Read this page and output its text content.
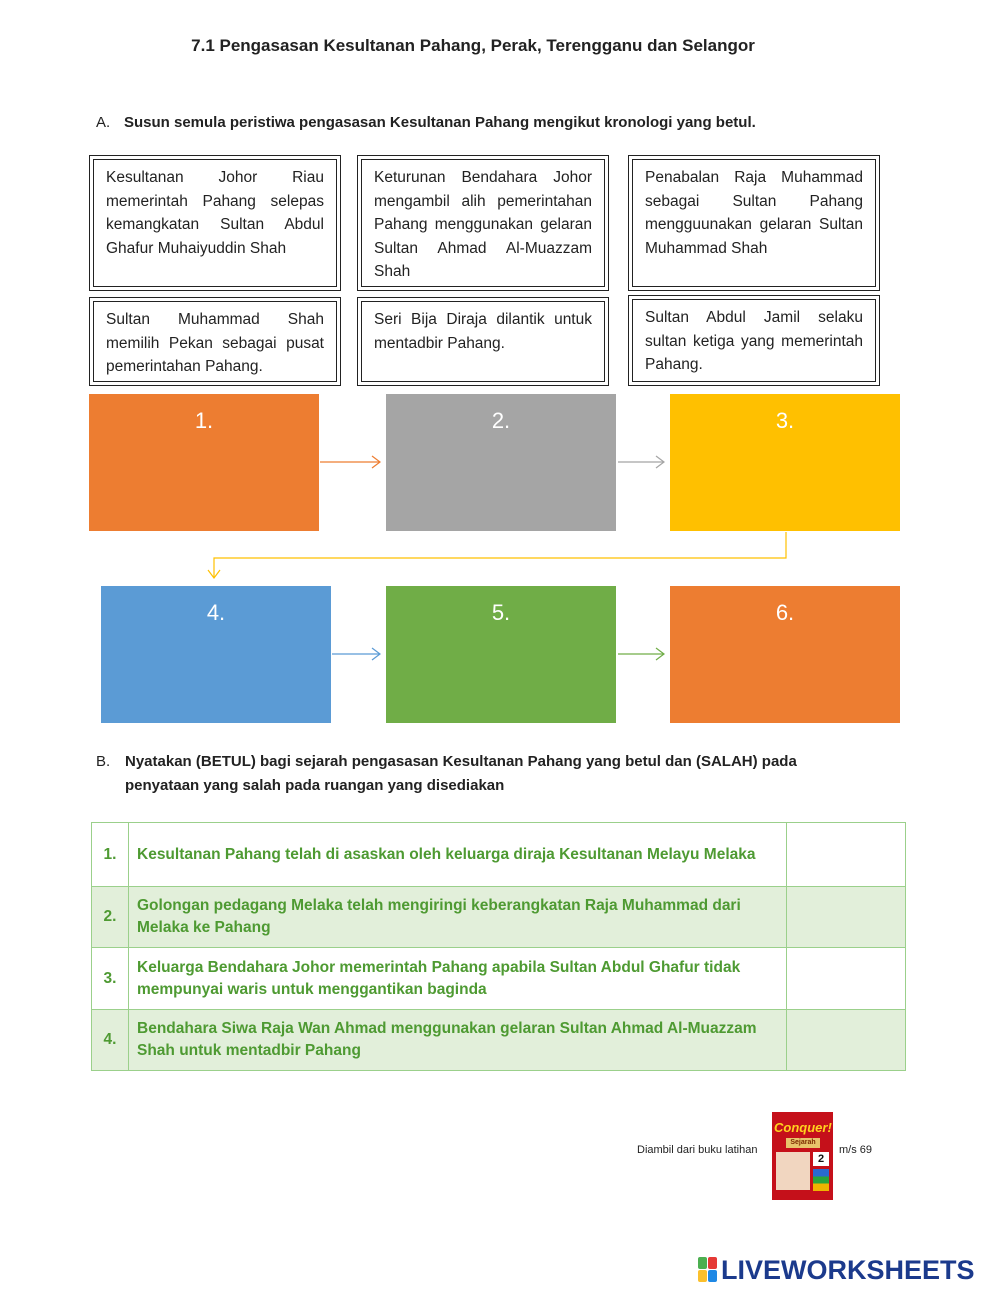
7.1 Pengasasan Kesultanan Pahang, Perak, Terengganu dan Selangor
A. Susun semula peristiwa pengasasan Kesultanan Pahang mengikut kronologi yang betul.
Kesultanan Johor Riau memerintah Pahang selepas kemangkatan Sultan Abdul Ghafur Muhaiyuddin Shah
Keturunan Bendahara Johor mengambil alih pemerintahan Pahang menggunakan gelaran Sultan Ahmad Al-Muazzam Shah
Penabalan Raja Muhammad sebagai Sultan Pahang mengguunakan gelaran Sultan Muhammad Shah
Sultan Muhammad Shah memilih Pekan sebagai pusat pemerintahan Pahang.
Seri Bija Diraja dilantik untuk mentadbir Pahang.
Sultan Abdul Jamil selaku sultan ketiga yang memerintah Pahang.
1.	2.	3.
4.	5.	6.
B. Nyatakan (BETUL) bagi sejarah pengasasan Kesultanan Pahang yang betul dan (SALAH) pada penyataan yang salah pada ruangan yang disediakan
1.	Kesultanan Pahang telah di asaskan oleh keluarga diraja Kesultanan Melayu Melaka	
2.	Golongan pedagang Melaka telah mengiringi keberangkatan Raja Muhammad dari Melaka ke Pahang	
3.	Keluarga Bendahara Johor memerintah Pahang apabila Sultan Abdul Ghafur tidak mempunyai waris untuk menggantikan baginda	
4.	Bendahara Siwa Raja Wan Ahmad menggunakan gelaran Sultan Ahmad Al-Muazzam Shah untuk mentadbir Pahang	
Diambil dari buku latihan
Conquer!
Sejarah
2
m/s 69
LIVEWORKSHEETS
